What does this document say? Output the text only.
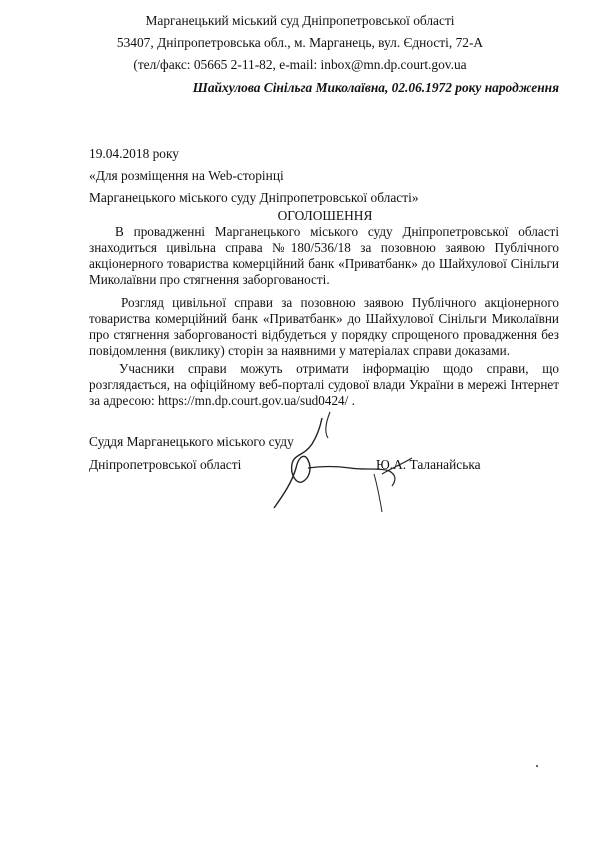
Марганецький міський суд Дніпропетровської області
53407, Дніпропетровська обл., м. Марганець, вул. Єдності, 72-А
(тел/факс: 05665 2-11-82, e-mail: inbox@mn.dp.court.gov.ua
Шайхулова Сінільга Миколаївна, 02.06.1972 року народження
19.04.2018 року
«Для розміщення на Web-сторінці
Марганецького міського суду Дніпропетровської області»
ОГОЛОШЕННЯ
В провадженні Марганецького міського суду Дніпропетровської області знаходиться цивільна справа №180/536/18 за позовною заявою Публічного акціонерного товариства комерційний банк «Приватбанк» до Шайхулової Сінільги Миколаївни про стягнення заборгованості.
Розгляд цивільної справи за позовною заявою Публічного акціонерного товариства комерційний банк «Приватбанк» до Шайхулової Сінільги Миколаївни про стягнення заборгованості відбудеться у порядку спрощеного провадження без повідомлення (виклику) сторін за наявними у матеріалах справи доказами.
Учасники справи можуть отримати інформацію щодо справи, що розглядається, на офіційному веб-порталі судової влади України в мережі Інтернет за адресою: https://mn.dp.court.gov.ua/sud0424/ .
Суддя Марганецького міського суду
Дніпропетровської області	Ю.А. Таланайська
